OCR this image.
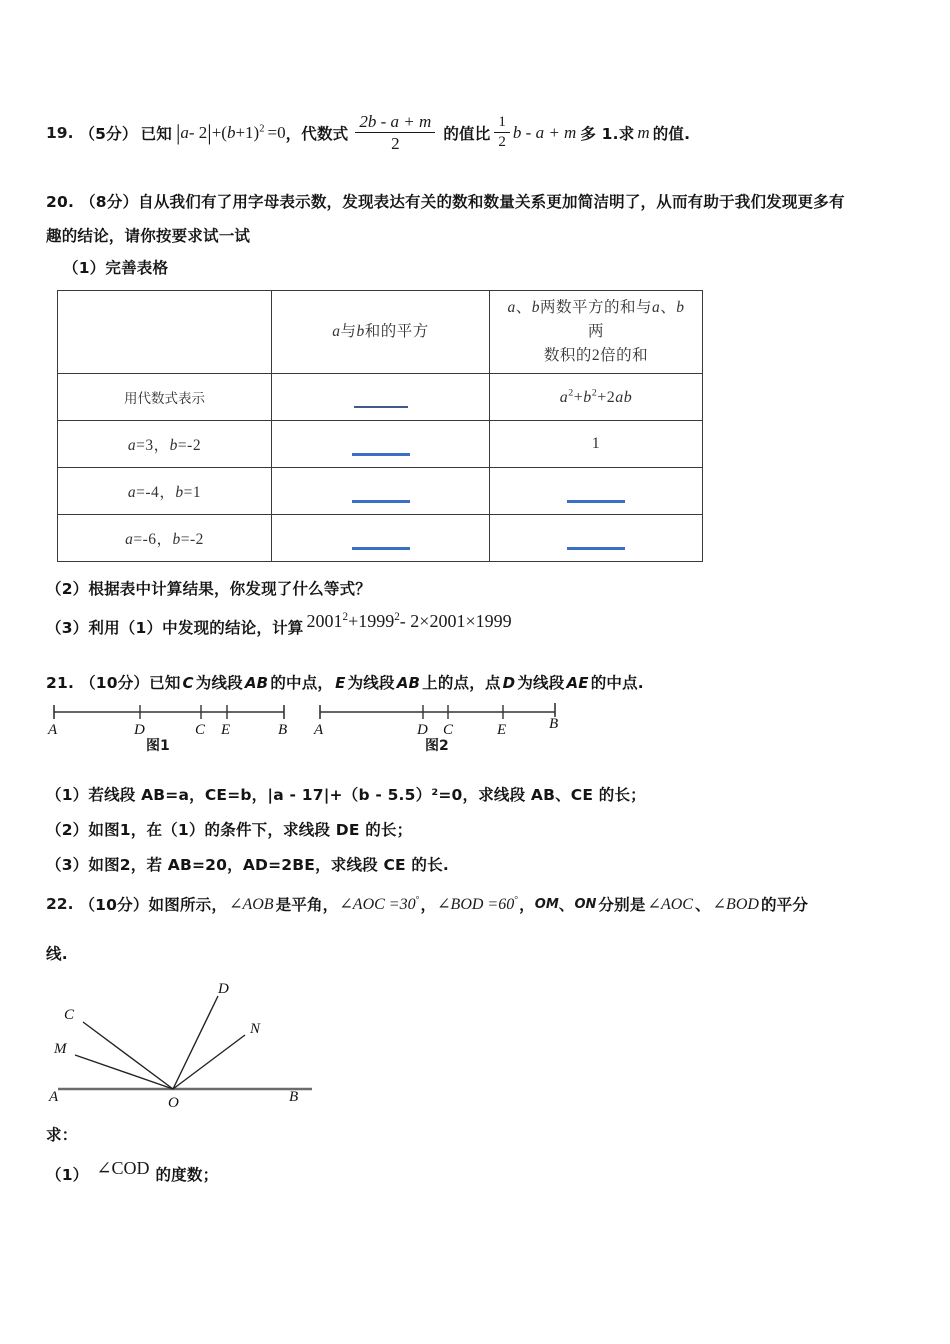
19. （5分） 已知 |a- $2|+(b+1)^2 =0$ ， 代数式 $\frac{2b - a + m}{2}$ 的值比 $\frac{1}{2}$ b - a + m 多 1.求 m 的值.
20. （8分）自从我们有了用字母表示数，发现表达有关的数和数量关系更加简洁明了，从而有助于我们发现更多有
趣的结论，请你按要求试一试
（1）完善表格

	a与b和的平方	a、b两数平方的和与a、b两
数积的2倍的和

用代数式表示		$a^2+b^2+2ab$
a=3，b=-2		1
a=-4，b=1		
a=-6，b=-2		
（2）根据表中计算结果，你发现了什么等式？
（3）利用（1）中发现的结论，计算 $2001^2+1999^2-$ 2×2001×1999
21. （10分）已知 C 为线段 AB 的中点， E 为线段 AB 上的点，点 D 为线段 AE 的中点.
A	D	C E	B
图1
A	D C	E	B
图2
（1）若线段 AB=a，CE=b，|a - 17|+（b - 5.5）²=0，求线段 AB、CE 的长；
（2）如图1，在（1）的条件下，求线段 DE 的长；
（3）如图2，若 AB=20，AD=2BE，求线段 CE 的长.
22. （10分） 如图所示， ∠AOB 是平角， ∠AOC =30° ， ∠BOD =60° ， OM 、 ON 分别是 ∠AOC 、 ∠BOD 的平分
线.
A	B
O
M
C
D
N
求：
（1） ∠COD 的度数；
